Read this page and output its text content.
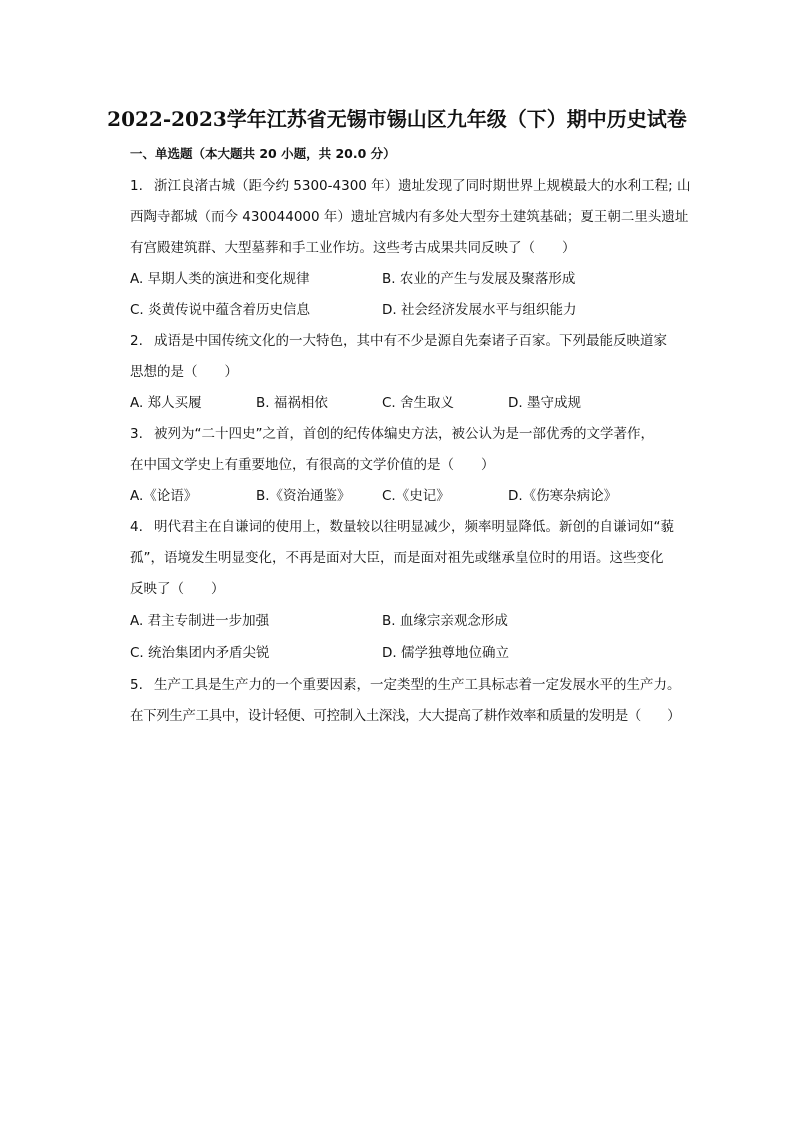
2022-2023学年江苏省无锡市锡山区九年级（下）期中历史试卷
一、单选题（本大题共 20 小题，共 20.0 分）
1. 浙江良渚古城（距今约 5300-4300 年）遗址发现了同时期世界上规模最大的水利工程; 山
西陶寺都城（而今 430044000 年）遗址宫城内有多处大型夯土建筑基础；夏王朝二里头遗址
有宫殿建筑群、大型墓葬和手工业作坊。这些考古成果共同反映了（　　）
A. 早期人类的演进和变化规律	B. 农业的产生与发展及聚落形成
C. 炎黄传说中蕴含着历史信息	D. 社会经济发展水平与组织能力
2. 成语是中国传统文化的一大特色，其中有不少是源自先秦诸子百家。下列最能反映道家
思想的是（　　）
A. 郑人买履	B. 福祸相依	C. 舍生取义	D. 墨守成规
3. 被列为“二十四史”之首，首创的纪传体编史方法，被公认为是一部优秀的文学著作，
在中国文学史上有重要地位，有很高的文学价值的是（　　）
A.《论语》	B.《资治通鉴》 C.《史记》	D.《伤寒杂病论》
4. 明代君主在自谦词的使用上，数量较以往明显减少，频率明显降低。新创的自谦词如“藐
孤”，语境发生明显变化，不再是面对大臣，而是面对祖先或继承皇位时的用语。这些变化
反映了（　　）
A. 君主专制进一步加强	B. 血缘宗亲观念形成
C. 统治集团内矛盾尖锐	D. 儒学独尊地位确立
5. 生产工具是生产力的一个重要因素，一定类型的生产工具标志着一定发展水平的生产力。
在下列生产工具中，设计轻便、可控制入土深浅，大大提高了耕作效率和质量的发明是（　　）
